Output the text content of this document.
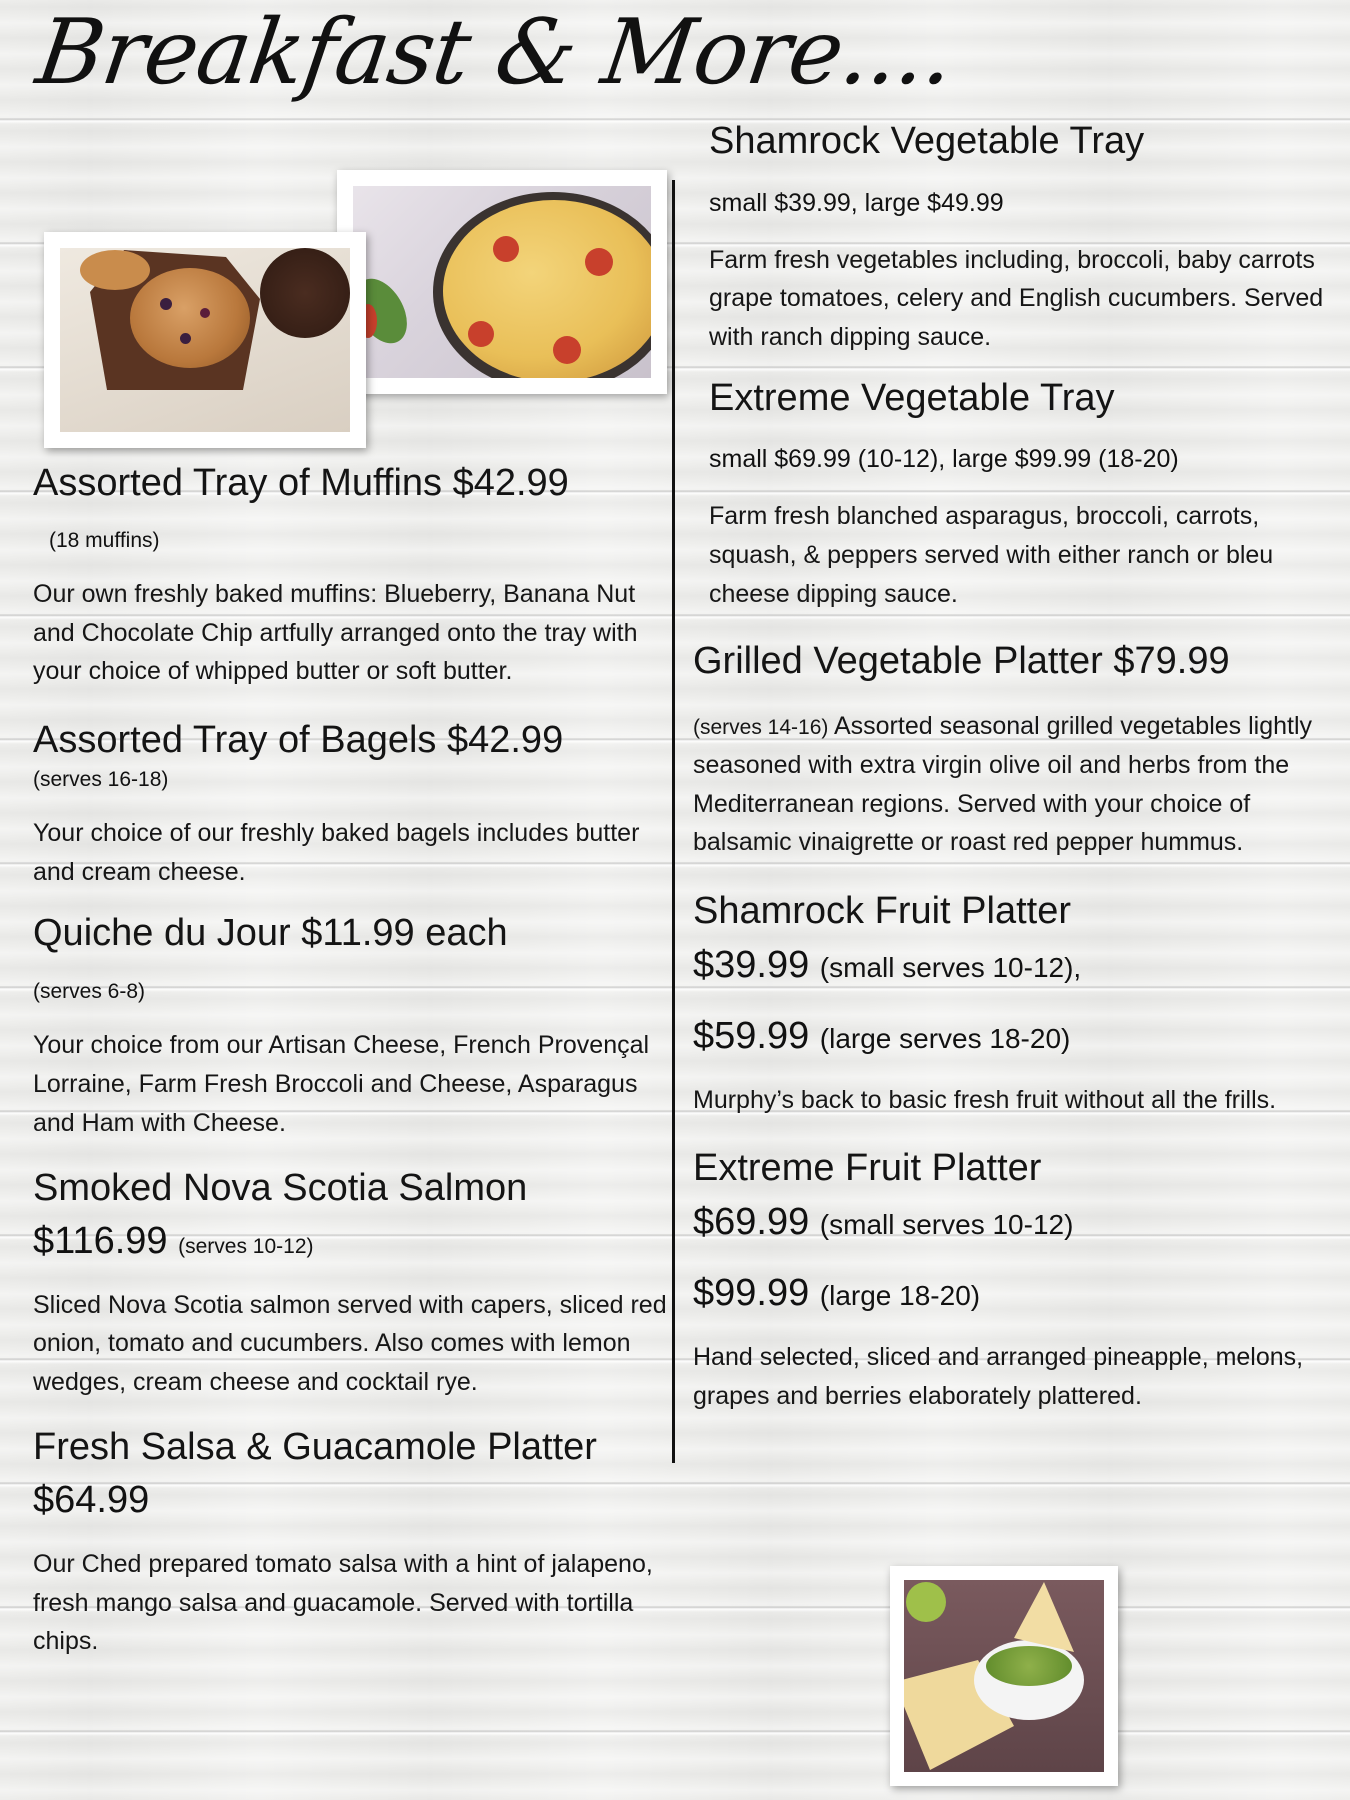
Breakfast & More....
Assorted Tray of Muffins $42.99

(18 muffins)

Our own freshly baked muffins: Blueberry, Banana Nut and Chocolate Chip artfully arranged onto the tray with your choice of whipped butter or soft butter.

Assorted Tray of Bagels $42.99

(serves 16-18)

Your choice of our freshly baked bagels includes butter and cream cheese.

Quiche du Jour $11.99 each

(serves 6-8)

Your choice from our Artisan Cheese, French Provençal Lorraine, Farm Fresh Broccoli and Cheese, Asparagus and Ham with Cheese.

Smoked Nova Scotia Salmon

$116.99 (serves 10-12)

Sliced Nova Scotia salmon served with capers, sliced red onion, tomato and cucumbers. Also comes with lemon wedges, cream cheese and cocktail rye.

Fresh Salsa & Guacamole Platter

$64.99

Our Ched prepared tomato salsa with a hint of jalapeno, fresh mango salsa and guacamole. Served with tortilla chips.

Shamrock Vegetable Tray

small $39.99, large $49.99

Farm fresh vegetables including, broccoli, baby carrots grape tomatoes, celery and English cucumbers. Served with ranch dipping sauce.

Extreme Vegetable Tray

small $69.99 (10-12), large $99.99 (18-20)

Farm fresh blanched asparagus, broccoli, carrots, squash, & peppers served with either ranch or bleu cheese dipping sauce.

Grilled Vegetable Platter $79.99

(serves 14-16) Assorted seasonal grilled vegetables lightly seasoned with extra virgin olive oil and herbs from the Mediterranean regions. Served with your choice of balsamic vinaigrette or roast red pepper hummus.

Shamrock Fruit Platter

$39.99 (small serves 10-12),

$59.99 (large serves 18-20)

Murphy’s back to basic fresh fruit without all the frills.

Extreme Fruit Platter

$69.99 (small serves 10-12)

$99.99 (large 18-20)

Hand selected, sliced and arranged pineapple, melons, grapes and berries elaborately plattered.
